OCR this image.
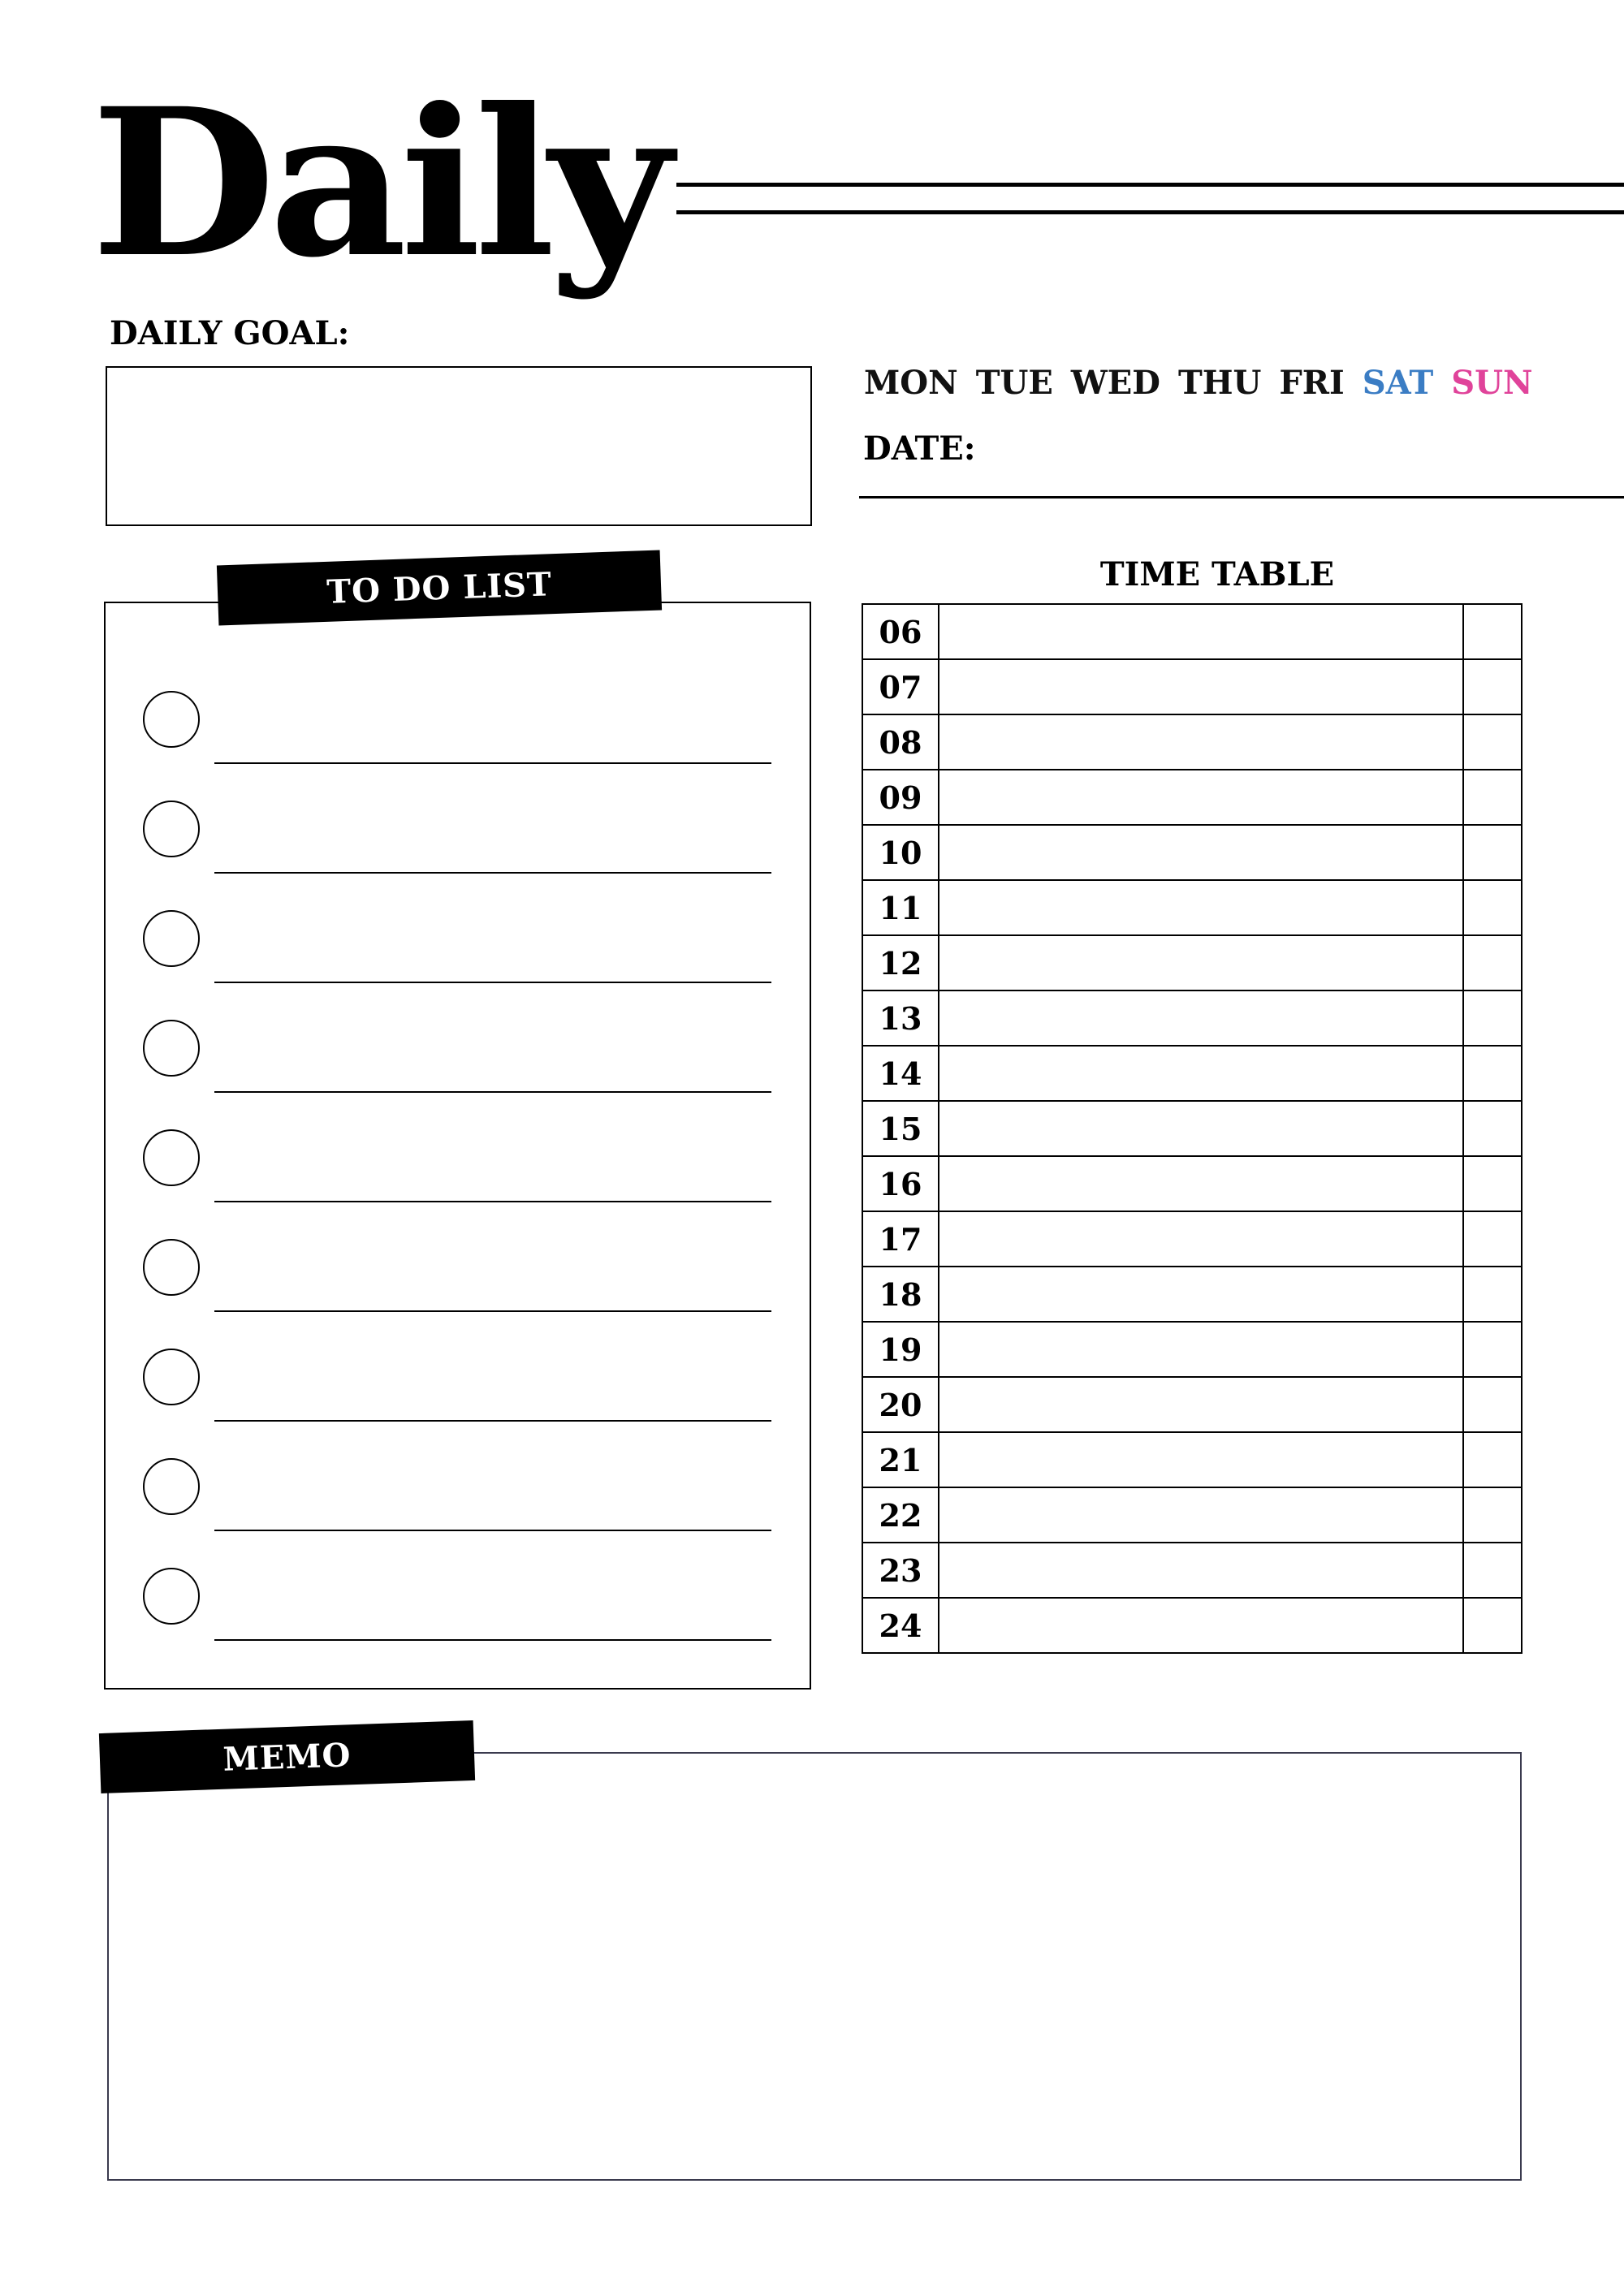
Daily
DAILY GOAL:
MON TUE WED THU FRI SAT SUN
DATE:
TO DO LIST	TIME TABLE
06		
07		
08		
09		
10		
11		
12		
13		
14		
15		
16		
17		
18		
19		
20		
21		
22		
23		
24		
MEMO
